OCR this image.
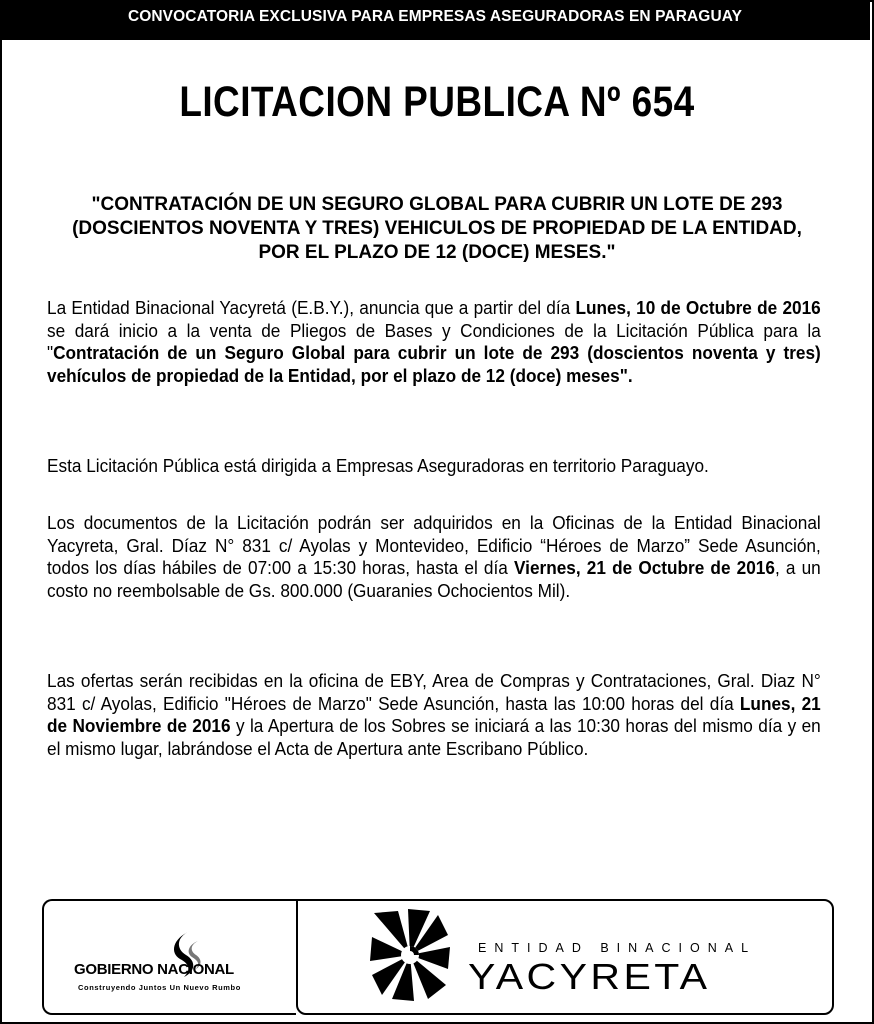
CONVOCATORIA EXCLUSIVA PARA EMPRESAS ASEGURADORAS EN PARAGUAY
LICITACION PUBLICA Nº 654
"CONTRATACIÓN DE UN SEGURO GLOBAL PARA CUBRIR UN LOTE DE 293
(DOSCIENTOS NOVENTA Y TRES) VEHICULOS DE PROPIEDAD DE LA ENTIDAD,
POR EL PLAZO DE 12 (DOCE) MESES."
La Entidad Binacional Yacyretá (E.B.Y.), anuncia que a partir del día Lunes, 10 de Octubre de 2016 se dará inicio a la venta de Pliegos de Bases y Condiciones de la Licitación Pública para la "Contratación de un Seguro Global para cubrir un lote de 293 (doscientos noventa y tres) vehículos de propiedad de la Entidad, por el plazo de 12 (doce) meses".
Esta Licitación Pública está dirigida a Empresas Aseguradoras en territorio Paraguayo.
Los documentos de la Licitación podrán ser adquiridos en la Oficinas de la Entidad Binacional Yacyreta, Gral. Díaz N° 831 c/ Ayolas y Montevideo, Edificio “Héroes de Marzo” Sede Asunción, todos los días hábiles de 07:00 a 15:30 horas, hasta el día Viernes, 21 de Octubre de 2016, a un costo no reembolsable de Gs. 800.000 (Guaranies Ochocientos Mil).
Las ofertas serán recibidas en la oficina de EBY, Area de Compras y Contrataciones, Gral. Diaz N° 831 c/ Ayolas, Edificio "Héroes de Marzo" Sede Asunción, hasta las 10:00 horas del día Lunes, 21 de Noviembre de 2016 y la Apertura de los Sobres se iniciará a las 10:30 horas del mismo día y en el mismo lugar, labrándose el Acta de Apertura ante Escribano Público.
GOBIERNO NACIONAL
Construyendo Juntos Un Nuevo Rumbo
ENTIDAD BINACIONAL
YACYRETA
